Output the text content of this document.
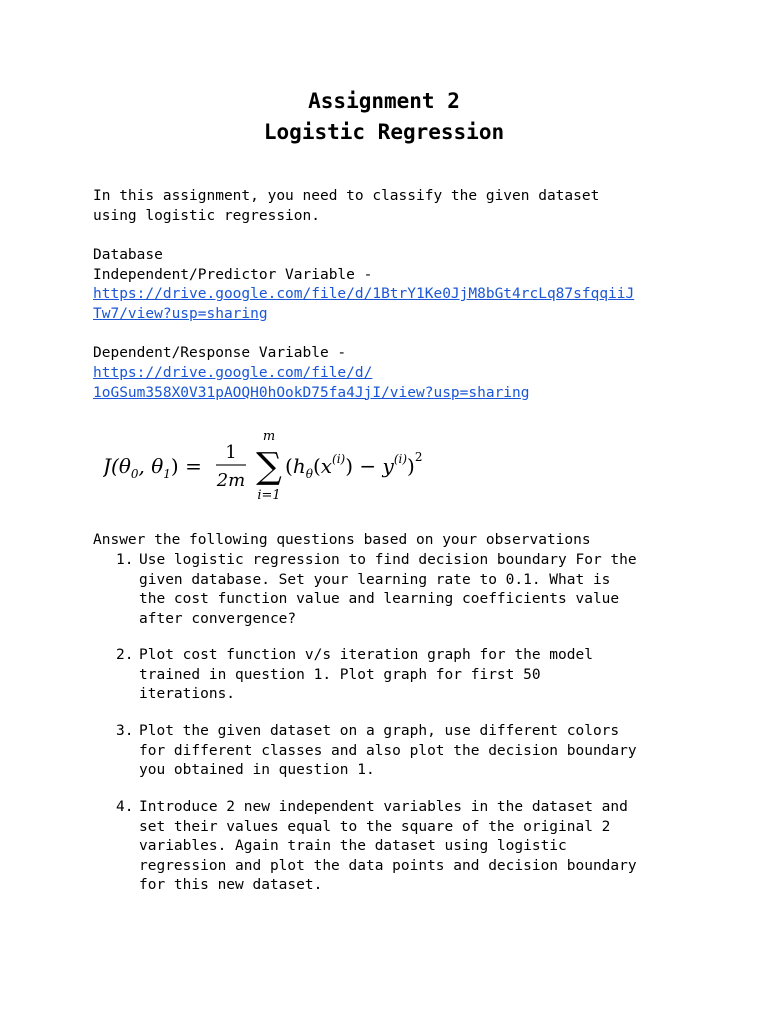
Assignment 2
Logistic Regression
In this assignment, you need to classify the given dataset
using logistic regression.
Database
Independent/Predictor Variable -
https://drive.google.com/file/d/1BtrY1Ke0JjM8bGt4rcLq87sfqqiiJ
Tw7/view?usp=sharing
Dependent/Response Variable -
https://drive.google.com/file/d/
1oGSum358X0V31pAOQH0hOokD75fa4JjI/view?usp=sharing
$J(\theta_0$, $\theta_1$) =
1
2m
m
∑
i=1
$(h_\theta(x^{(i)}) - y^{(i)})^2$
Answer the following questions based on your observations
1. Use logistic regression to find decision boundary For the
given database. Set your learning rate to 0.1. What is
the cost function value and learning coefficients value
after convergence?
2. Plot cost function v/s iteration graph for the model
trained in question 1. Plot graph for first 50
iterations.
3. Plot the given dataset on a graph, use different colors
for different classes and also plot the decision boundary
you obtained in question 1.
4. Introduce 2 new independent variables in the dataset and
set their values equal to the square of the original 2
variables. Again train the dataset using logistic
regression and plot the data points and decision boundary
for this new dataset.
